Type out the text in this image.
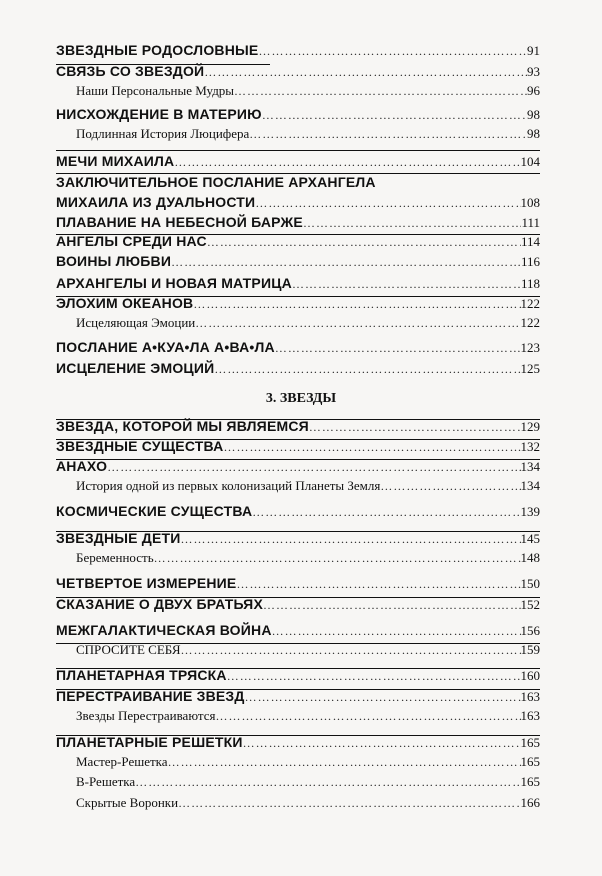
ЗВЕЗДНЫЕ РОДОСЛОВНЫЕ ……………………………………………………………………………………………………………………………………………………………………………………………	91
СВЯЗЬ СО ЗВЕЗДОЙ ……………………………………………………………………………………………………………………………………………………………………………………………	93
Наши Персональные Мудры ……………………………………………………………………………………………………………………………………………………………………………………………	96
НИСХОЖДЕНИЕ В МАТЕРИЮ ……………………………………………………………………………………………………………………………………………………………………………………………	98
Подлинная История Люцифера ……………………………………………………………………………………………………………………………………………………………………………………………	98
МЕЧИ МИХАИЛА ……………………………………………………………………………………………………………………………………………………………………………………………	104
ЗАКЛЮЧИТЕЛЬНОЕ ПОСЛАНИЕ АРХАНГЕЛА
МИХАИЛА ИЗ ДУАЛЬНОСТИ ……………………………………………………………………………………………………………………………………………………………………………………………	108
ПЛАВАНИЕ НА НЕБЕСНОЙ БАРЖЕ ……………………………………………………………………………………………………………………………………………………………………………………………	111
АНГЕЛЫ СРЕДИ НАС ……………………………………………………………………………………………………………………………………………………………………………………………	114
ВОИНЫ ЛЮБВИ ……………………………………………………………………………………………………………………………………………………………………………………………	116
АРХАНГЕЛЫ И НОВАЯ МАТРИЦА ……………………………………………………………………………………………………………………………………………………………………………………………	118
ЭЛОХИМ ОКЕАНОВ ……………………………………………………………………………………………………………………………………………………………………………………………	122
Исцеляющая Эмоции ……………………………………………………………………………………………………………………………………………………………………………………………	122
ПОСЛАНИЕ А•КУА•ЛА А•ВА•ЛА ……………………………………………………………………………………………………………………………………………………………………………………………	123
ИСЦЕЛЕНИЕ ЭМОЦИЙ ……………………………………………………………………………………………………………………………………………………………………………………………	125
3. ЗВЕЗДЫ
ЗВЕЗДА, КОТОРОЙ МЫ ЯВЛЯЕМСЯ ……………………………………………………………………………………………………………………………………………………………………………………………	129
ЗВЕЗДНЫЕ СУЩЕСТВА ……………………………………………………………………………………………………………………………………………………………………………………………	132
АНАХО ……………………………………………………………………………………………………………………………………………………………………………………………	134
История одной из первых колонизаций Планеты Земля ……………………………………………………………………………………………………………………………………………………………………………………………	134
КОСМИЧЕСКИЕ СУЩЕСТВА ……………………………………………………………………………………………………………………………………………………………………………………………	139
ЗВЕЗДНЫЕ ДЕТИ ……………………………………………………………………………………………………………………………………………………………………………………………	145
Беременность ……………………………………………………………………………………………………………………………………………………………………………………………	148
ЧЕТВЕРТОЕ ИЗМЕРЕНИЕ ……………………………………………………………………………………………………………………………………………………………………………………………	150
СКАЗАНИЕ О ДВУХ БРАТЬЯХ ……………………………………………………………………………………………………………………………………………………………………………………………	152
МЕЖГАЛАКТИЧЕСКАЯ ВОЙНА ……………………………………………………………………………………………………………………………………………………………………………………………	156
СПРОСИТЕ СЕБЯ ……………………………………………………………………………………………………………………………………………………………………………………………	159
ПЛАНЕТАРНАЯ ТРЯСКА ……………………………………………………………………………………………………………………………………………………………………………………………	160
ПЕРЕСТРАИВАНИЕ ЗВЕЗД ……………………………………………………………………………………………………………………………………………………………………………………………	163
Звезды Перестраиваются ……………………………………………………………………………………………………………………………………………………………………………………………	163
ПЛАНЕТАРНЫЕ РЕШЕТКИ ……………………………………………………………………………………………………………………………………………………………………………………………	165
Мастер-Решетка ……………………………………………………………………………………………………………………………………………………………………………………………	165
В-Решетка ……………………………………………………………………………………………………………………………………………………………………………………………	165
Скрытые Воронки ……………………………………………………………………………………………………………………………………………………………………………………………	166
